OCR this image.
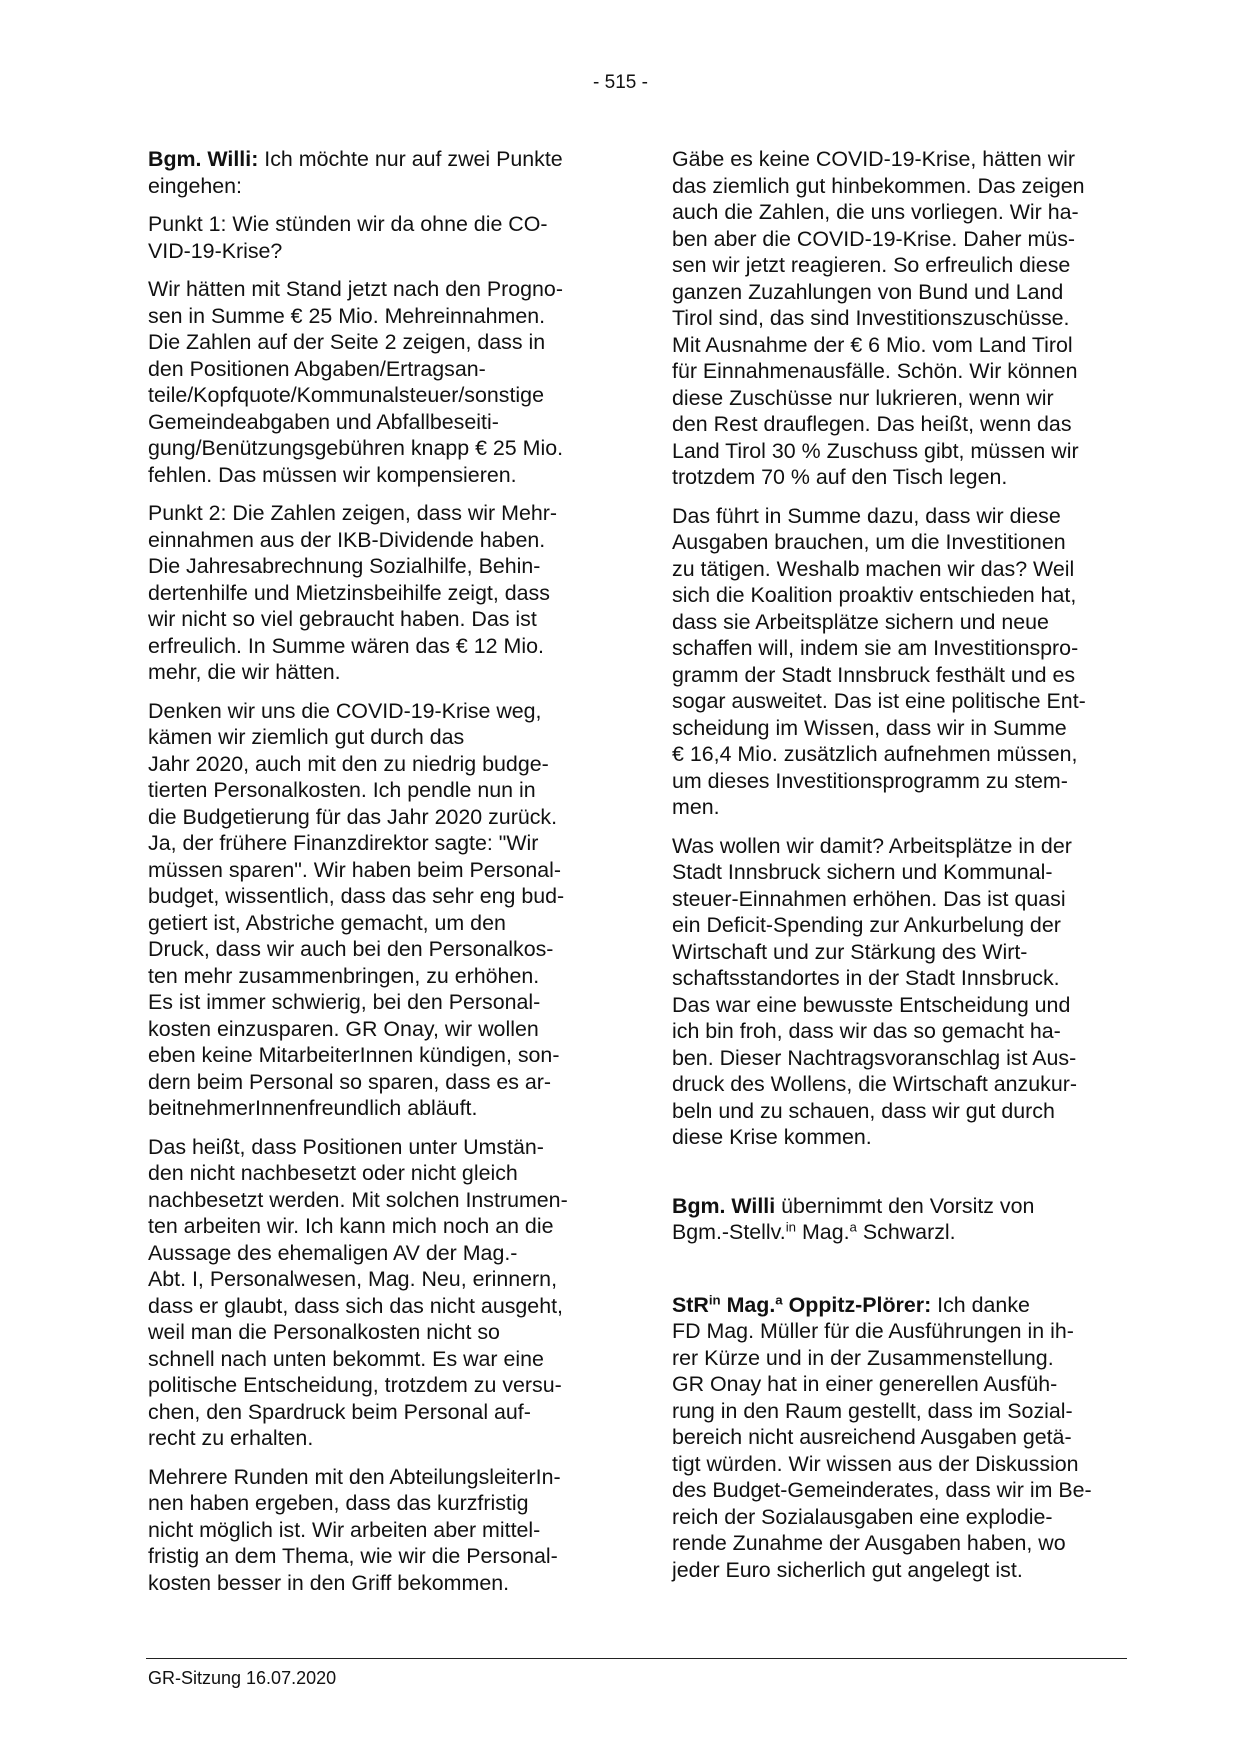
- 515 -

Bgm. Willi: Ich möchte nur auf zwei Punkte
eingehen:

Punkt 1: Wie stünden wir da ohne die CO-
VID-19-Krise?

Wir hätten mit Stand jetzt nach den Progno-
sen in Summe € 25 Mio. Mehreinnahmen.
Die Zahlen auf der Seite 2 zeigen, dass in
den Positionen Abgaben/Ertragsan-
teile/Kopfquote/Kommunalsteuer/sonstige
Gemeindeabgaben und Abfallbeseiti-
gung/Benützungsgebühren knapp € 25 Mio.
fehlen. Das müssen wir kompensieren.

Punkt 2: Die Zahlen zeigen, dass wir Mehr-
einnahmen aus der IKB-Dividende haben.
Die Jahresabrechnung Sozialhilfe, Behin-
dertenhilfe und Mietzinsbeihilfe zeigt, dass
wir nicht so viel gebraucht haben. Das ist
erfreulich. In Summe wären das € 12 Mio.
mehr, die wir hätten.

Denken wir uns die COVID-19-Krise weg,
kämen wir ziemlich gut durch das
Jahr 2020, auch mit den zu niedrig budge-
tierten Personalkosten. Ich pendle nun in
die Budgetierung für das Jahr 2020 zurück.
Ja, der frühere Finanzdirektor sagte: "Wir
müssen sparen". Wir haben beim Personal-
budget, wissentlich, dass das sehr eng bud-
getiert ist, Abstriche gemacht, um den
Druck, dass wir auch bei den Personalkos-
ten mehr zusammenbringen, zu erhöhen.
Es ist immer schwierig, bei den Personal-
kosten einzusparen. GR Onay, wir wollen
eben keine MitarbeiterInnen kündigen, son-
dern beim Personal so sparen, dass es ar-
beitnehmerInnenfreundlich abläuft.

Das heißt, dass Positionen unter Umstän-
den nicht nachbesetzt oder nicht gleich
nachbesetzt werden. Mit solchen Instrumen-
ten arbeiten wir. Ich kann mich noch an die
Aussage des ehemaligen AV der Mag.-
Abt. I, Personalwesen, Mag. Neu, erinnern,
dass er glaubt, dass sich das nicht ausgeht,
weil man die Personalkosten nicht so
schnell nach unten bekommt. Es war eine
politische Entscheidung, trotzdem zu versu-
chen, den Spardruck beim Personal auf-
recht zu erhalten.

Mehrere Runden mit den AbteilungsleiterIn-
nen haben ergeben, dass das kurzfristig
nicht möglich ist. Wir arbeiten aber mittel-
fristig an dem Thema, wie wir die Personal-
kosten besser in den Griff bekommen.

Gäbe es keine COVID-19-Krise, hätten wir
das ziemlich gut hinbekommen. Das zeigen
auch die Zahlen, die uns vorliegen. Wir ha-
ben aber die COVID-19-Krise. Daher müs-
sen wir jetzt reagieren. So erfreulich diese
ganzen Zuzahlungen von Bund und Land
Tirol sind, das sind Investitionszuschüsse.
Mit Ausnahme der € 6 Mio. vom Land Tirol
für Einnahmenausfälle. Schön. Wir können
diese Zuschüsse nur lukrieren, wenn wir
den Rest drauflegen. Das heißt, wenn das
Land Tirol 30 % Zuschuss gibt, müssen wir
trotzdem 70 % auf den Tisch legen.

Das führt in Summe dazu, dass wir diese
Ausgaben brauchen, um die Investitionen
zu tätigen. Weshalb machen wir das? Weil
sich die Koalition proaktiv entschieden hat,
dass sie Arbeitsplätze sichern und neue
schaffen will, indem sie am Investitionspro-
gramm der Stadt Innsbruck festhält und es
sogar ausweitet. Das ist eine politische Ent-
scheidung im Wissen, dass wir in Summe
€ 16,4 Mio. zusätzlich aufnehmen müssen,
um dieses Investitionsprogramm zu stem-
men.

Was wollen wir damit? Arbeitsplätze in der
Stadt Innsbruck sichern und Kommunal-
steuer-Einnahmen erhöhen. Das ist quasi
ein Deficit-Spending zur Ankurbelung der
Wirtschaft und zur Stärkung des Wirt-
schaftsstandortes in der Stadt Innsbruck.
Das war eine bewusste Entscheidung und
ich bin froh, dass wir das so gemacht ha-
ben. Dieser Nachtragsvoranschlag ist Aus-
druck des Wollens, die Wirtschaft anzukur-
beln und zu schauen, dass wir gut durch
diese Krise kommen.

Bgm. Willi übernimmt den Vorsitz von
Bgm.-Stellv.$^{in}$ Mag.$^a$ Schwarzl.

StR$^{in}$ Mag.$^a$ Oppitz-Plörer: Ich danke
FD Mag. Müller für die Ausführungen in ih-
rer Kürze und in der Zusammenstellung.
GR Onay hat in einer generellen Ausfüh-
rung in den Raum gestellt, dass im Sozial-
bereich nicht ausreichend Ausgaben getä-
tigt würden. Wir wissen aus der Diskussion
des Budget-Gemeinderates, dass wir im Be-
reich der Sozialausgaben eine explodie-
rende Zunahme der Ausgaben haben, wo
jeder Euro sicherlich gut angelegt ist.

GR-Sitzung 16.07.2020
